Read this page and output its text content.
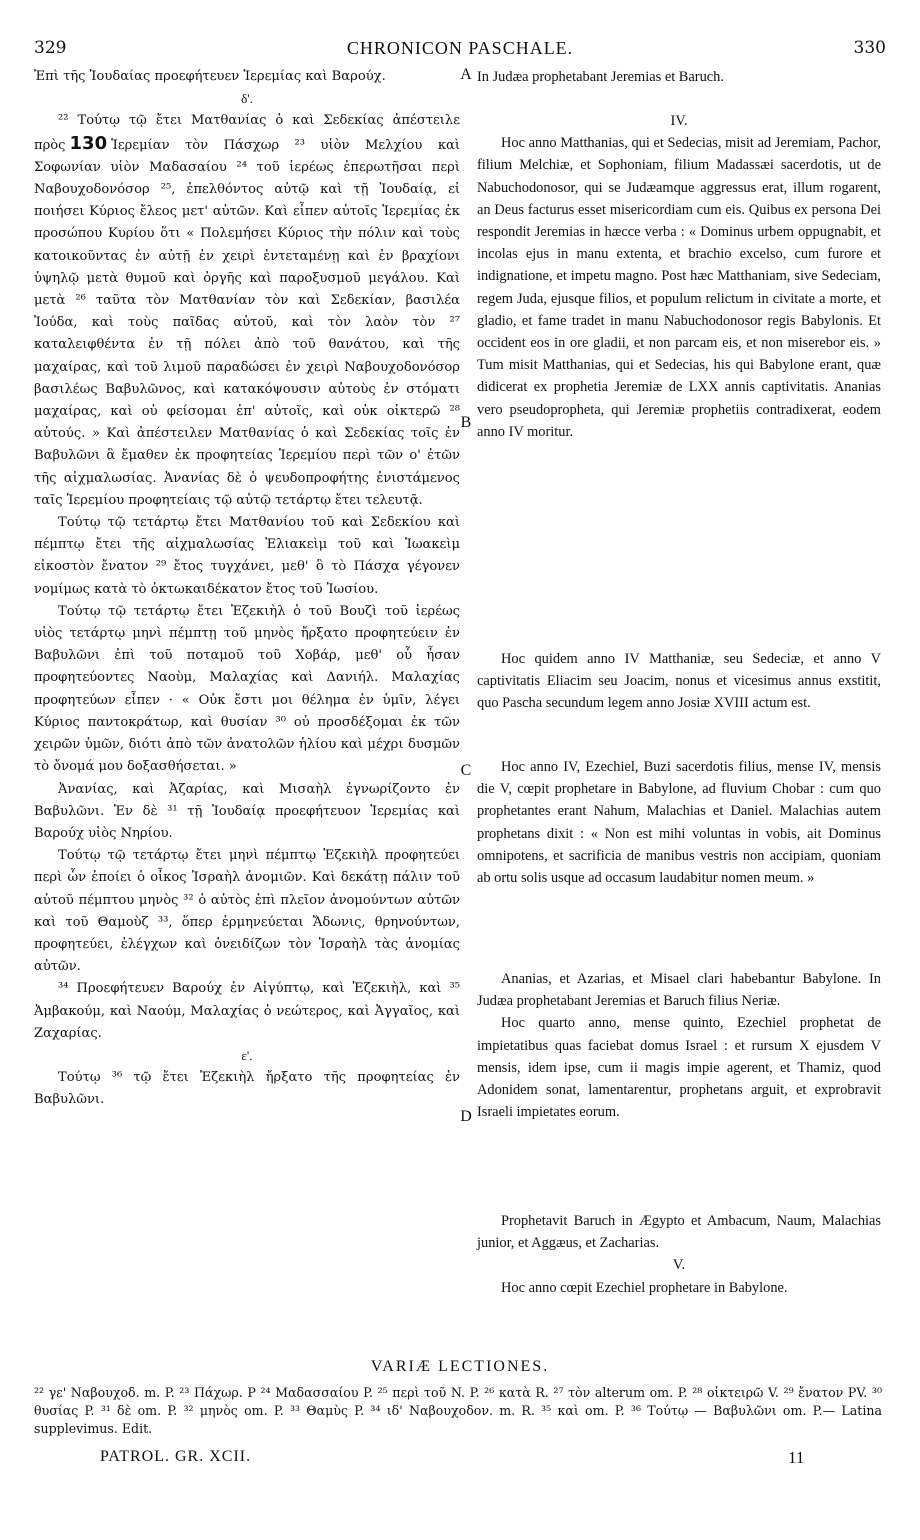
329	CHRONICON PASCHALE.	330

Ἐπὶ τῆς Ἰουδαίας προεφήτευεν Ἱερεμίας καὶ Βαρούχ.

δ'.

²² Τούτῳ τῷ ἔτει Ματθανίας ὁ καὶ Σεδεκίας ἀπέστειλε πρὸς 130 Ἱερεμίαν τὸν Πάσχωρ ²³ υἱὸν Μελχίου καὶ Σοφωνίαν υἱὸν Μαδασαίου ²⁴ τοῦ ἱερέως ἐπερωτῆσαι περὶ Ναβουχοδονόσορ ²⁵, ἐπελθόντος αὐτῷ καὶ τῇ Ἰουδαίᾳ, εἰ ποιήσει Κύριος ἔλεος μετ' αὐτῶν. Καὶ εἶπεν αὐτοῖς Ἱερεμίας ἐκ προσώπου Κυρίου ὅτι « Πολεμήσει Κύριος τὴν πόλιν καὶ τοὺς κατοικοῦντας ἐν αὐτῇ ἐν χειρὶ ἐντεταμένῃ καὶ ἐν βραχίονι ὑψηλῷ μετὰ θυμοῦ καὶ ὀργῆς καὶ παροξυσμοῦ μεγάλου. Καὶ μετὰ ²⁶ ταῦτα τὸν Ματθανίαν τὸν καὶ Σεδεκίαν, βασιλέα Ἰούδα, καὶ τοὺς παῖδας αὐτοῦ, καὶ τὸν λαὸν τὸν ²⁷ καταλειφθέντα ἐν τῇ πόλει ἀπὸ τοῦ θανάτου, καὶ τῆς μαχαίρας, καὶ τοῦ λιμοῦ παραδώσει ἐν χειρὶ Ναβουχοδονόσορ βασιλέως Βαβυλῶνος, καὶ κατακόψουσιν αὐτοὺς ἐν στόματι μαχαίρας, καὶ οὐ φείσομαι ἐπ' αὐτοῖς, καὶ οὐκ οἰκτερῶ ²⁸ αὐτούς. » Καὶ ἀπέστειλεν Ματθανίας ὁ καὶ Σεδεκίας τοῖς ἐν Βαβυλῶνι ἃ ἔμαθεν ἐκ προφητείας Ἱερεμίου περὶ τῶν ο' ἐτῶν τῆς αἰχμαλωσίας. Ἀνανίας δὲ ὁ ψευδοπροφήτης ἐνιστάμενος ταῖς Ἱερεμίου προφητείαις τῷ αὐτῷ τετάρτῳ ἔτει τελευτᾷ.

Τούτῳ τῷ τετάρτῳ ἔτει Ματθανίου τοῦ καὶ Σεδεκίου καὶ πέμπτῳ ἔτει τῆς αἰχμαλωσίας Ἐλιακεὶμ τοῦ καὶ Ἰωακεὶμ εἰκοστὸν ἔνατον ²⁹ ἔτος τυγχάνει, μεθ' ὃ τὸ Πάσχα γέγονεν νομίμως κατὰ τὸ ὀκτωκαιδέκατον ἔτος τοῦ Ἰωσίου.

Τούτῳ τῷ τετάρτῳ ἔτει Ἐζεκιὴλ ὁ τοῦ Βουζὶ τοῦ ἱερέως υἱὸς τετάρτῳ μηνὶ πέμπτῃ τοῦ μηνὸς ἤρξατο προφητεύειν ἐν Βαβυλῶνι ἐπὶ τοῦ ποταμοῦ τοῦ Χοβάρ, μεθ' οὗ ἦσαν προφητεύοντες Ναοὺμ, Μαλαχίας καὶ Δανιήλ. Μαλαχίας προφητεύων εἶπεν · « Οὐκ ἔστι μοι θέλημα ἐν ὑμῖν, λέγει Κύριος παντοκράτωρ, καὶ θυσίαν ³⁰ οὐ προσδέξομαι ἐκ τῶν χειρῶν ὑμῶν, διότι ἀπὸ τῶν ἀνατολῶν ἡλίου καὶ μέχρι δυσμῶν τὸ ὄνομά μου δοξασθήσεται. »

Ἀνανίας, καὶ Ἀζαρίας, καὶ Μισαὴλ ἐγνωρίζοντο ἐν Βαβυλῶνι. Ἐν δὲ ³¹ τῇ Ἰουδαίᾳ προεφήτευον Ἱερεμίας καὶ Βαρούχ υἱὸς Νηρίου.

Τούτῳ τῷ τετάρτῳ ἔτει μηνὶ πέμπτῳ Ἐζεκιὴλ προφητεύει περὶ ὧν ἐποίει ὁ οἶκος Ἰσραὴλ ἀνομιῶν. Καὶ δεκάτῃ πάλιν τοῦ αὐτοῦ πέμπτου μηνὸς ³² ὁ αὐτὸς ἐπὶ πλεῖον ἀνομούντων αὐτῶν καὶ τοῦ Θαμοὺζ ³³, ὅπερ ἑρμηνεύεται Ἄδωνις, θρηνούντων, προφητεύει, ἐλέγχων καὶ ὀνειδίζων τὸν Ἰσραὴλ τὰς ἀνομίας αὐτῶν.

³⁴ Προεφήτευεν Βαρούχ ἐν Αἰγύπτῳ, καὶ Ἐζεκιὴλ, καὶ ³⁵ Ἀμβακούμ, καὶ Ναούμ, Μαλαχίας ὁ νεώτερος, καὶ Ἀγγαῖος, καὶ Ζαχαρίας.

ε'.

Τούτῳ ³⁶ τῷ ἔτει Ἐζεκιὴλ ἤρξατο τῆς προφητείας ἐν Βαβυλῶνι.

A
B
C
D

In Judæa prophetabant Jeremias et Baruch.

IV.

Hoc anno Matthanias, qui et Sedecias, misit ad Jeremiam, Pachor, filium Melchiæ, et Sophoniam, filium Madassæi sacerdotis, ut de Nabuchodonosor, qui se Judæamque aggressus erat, illum rogarent, an Deus facturus esset misericordiam cum eis. Quibus ex persona Dei respondit Jeremias in hæcce verba : « Dominus urbem oppugnabit, et incolas ejus in manu extenta, et brachio excelso, cum furore et indignatione, et impetu magno. Post hæc Matthaniam, sive Sedeciam, regem Juda, ejusque filios, et populum relictum in civitate a morte, et gladio, et fame tradet in manu Nabuchodonosor regis Babylonis. Et occident eos in ore gladii, et non parcam eis, et non miserebor eis. » Tum misit Matthanias, qui et Sedecias, his qui Babylone erant, quæ didicerat ex prophetia Jeremiæ de LXX annis captivitatis. Ananias vero pseudopropheta, qui Jeremiæ prophetiis contradixerat, eodem anno IV moritur.

Hoc quidem anno IV Matthaniæ, seu Sedeciæ, et anno V captivitatis Eliacim seu Joacim, nonus et vicesimus annus exstitit, quo Pascha secundum legem anno Josiæ XVIII actum est.

Hoc anno IV, Ezechiel, Buzi sacerdotis filius, mense IV, mensis die V, cœpit prophetare in Babylone, ad fluvium Chobar : cum quo prophetantes erant Nahum, Malachias et Daniel. Malachias autem prophetans dixit : « Non est mihi voluntas in vobis, ait Dominus omnipotens, et sacrificia de manibus vestris non accipiam, quoniam ab ortu solis usque ad occasum laudabitur nomen meum. »

Ananias, et Azarias, et Misael clari habebantur Babylone. In Judæa prophetabant Jeremias et Baruch filius Neriæ.

Hoc quarto anno, mense quinto, Ezechiel prophetat de impietatibus quas faciebat domus Israel : et rursum X ejusdem V mensis, idem ipse, cum ii magis impie agerent, et Thamiz, quod Adonidem sonat, lamentarentur, prophetans arguit, et exprobravit Israeli impietates eorum.

Prophetavit Baruch in Ægypto et Ambacum, Naum, Malachias junior, et Aggæus, et Zacharias.

V.

Hoc anno cœpit Ezechiel prophetare in Babylone.

VARIÆ LECTIONES.
²² γε' Ναβουχοδ. m. P. ²³ Πάχωρ. P ²⁴ Μαδασσαίου P. ²⁵ περὶ τοῦ N. P. ²⁶ κατὰ R. ²⁷ τὸν alterum om. P. ²⁸ οἰκτειρῶ V. ²⁹ ἔνατον PV. ³⁰ θυσίας P. ³¹ δὲ om. P. ³² μηνὸς om. P. ³³ Θαμὺς P. ³⁴ ιδ' Ναβουχοδον. m. R. ³⁵ καὶ om. P. ³⁶ Τούτῳ — Βαβυλῶνι om. P.— Latina supplevimus. Edit.
PATROL. GR. XCII.	11
